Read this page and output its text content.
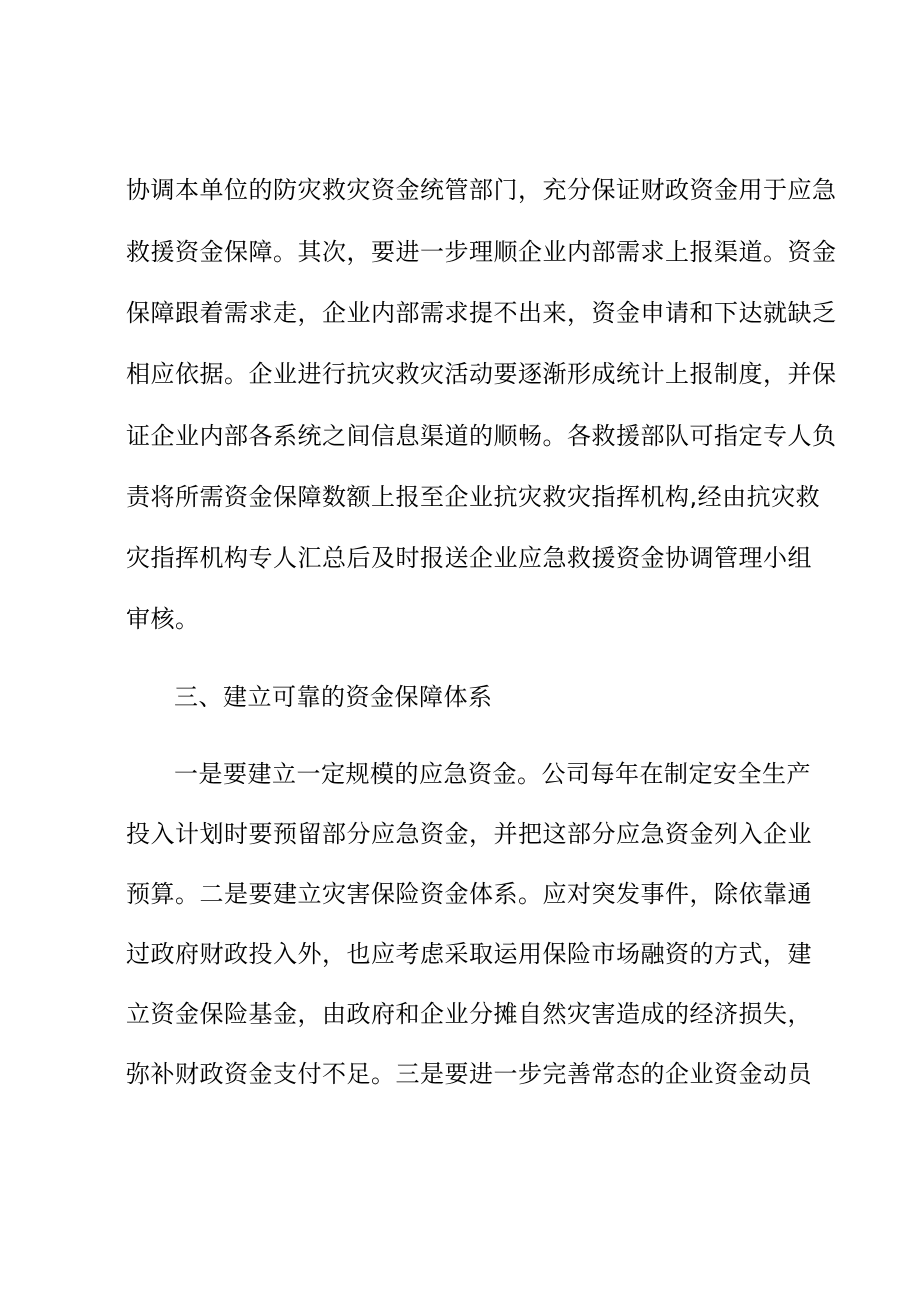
协调本单位的防灾救灾资金统管部门，充分保证财政资金用于应急
救援资金保障。其次，要进一步理顺企业内部需求上报渠道。资金
保障跟着需求走，企业内部需求提不出来，资金申请和下达就缺乏
相应依据。企业进行抗灾救灾活动要逐渐形成统计上报制度，并保
证企业内部各系统之间信息渠道的顺畅。各救援部队可指定专人负
责将所需资金保障数额上报至企业抗灾救灾指挥机构,经由抗灾救
灾指挥机构专人汇总后及时报送企业应急救援资金协调管理小组
审核。
三、建立可靠的资金保障体系
一是要建立一定规模的应急资金。公司每年在制定安全生产
投入计划时要预留部分应急资金，并把这部分应急资金列入企业
预算。二是要建立灾害保险资金体系。应对突发事件，除依靠通
过政府财政投入外，也应考虑采取运用保险市场融资的方式，建
立资金保险基金，由政府和企业分摊自然灾害造成的经济损失，
弥补财政资金支付不足。三是要进一步完善常态的企业资金动员
